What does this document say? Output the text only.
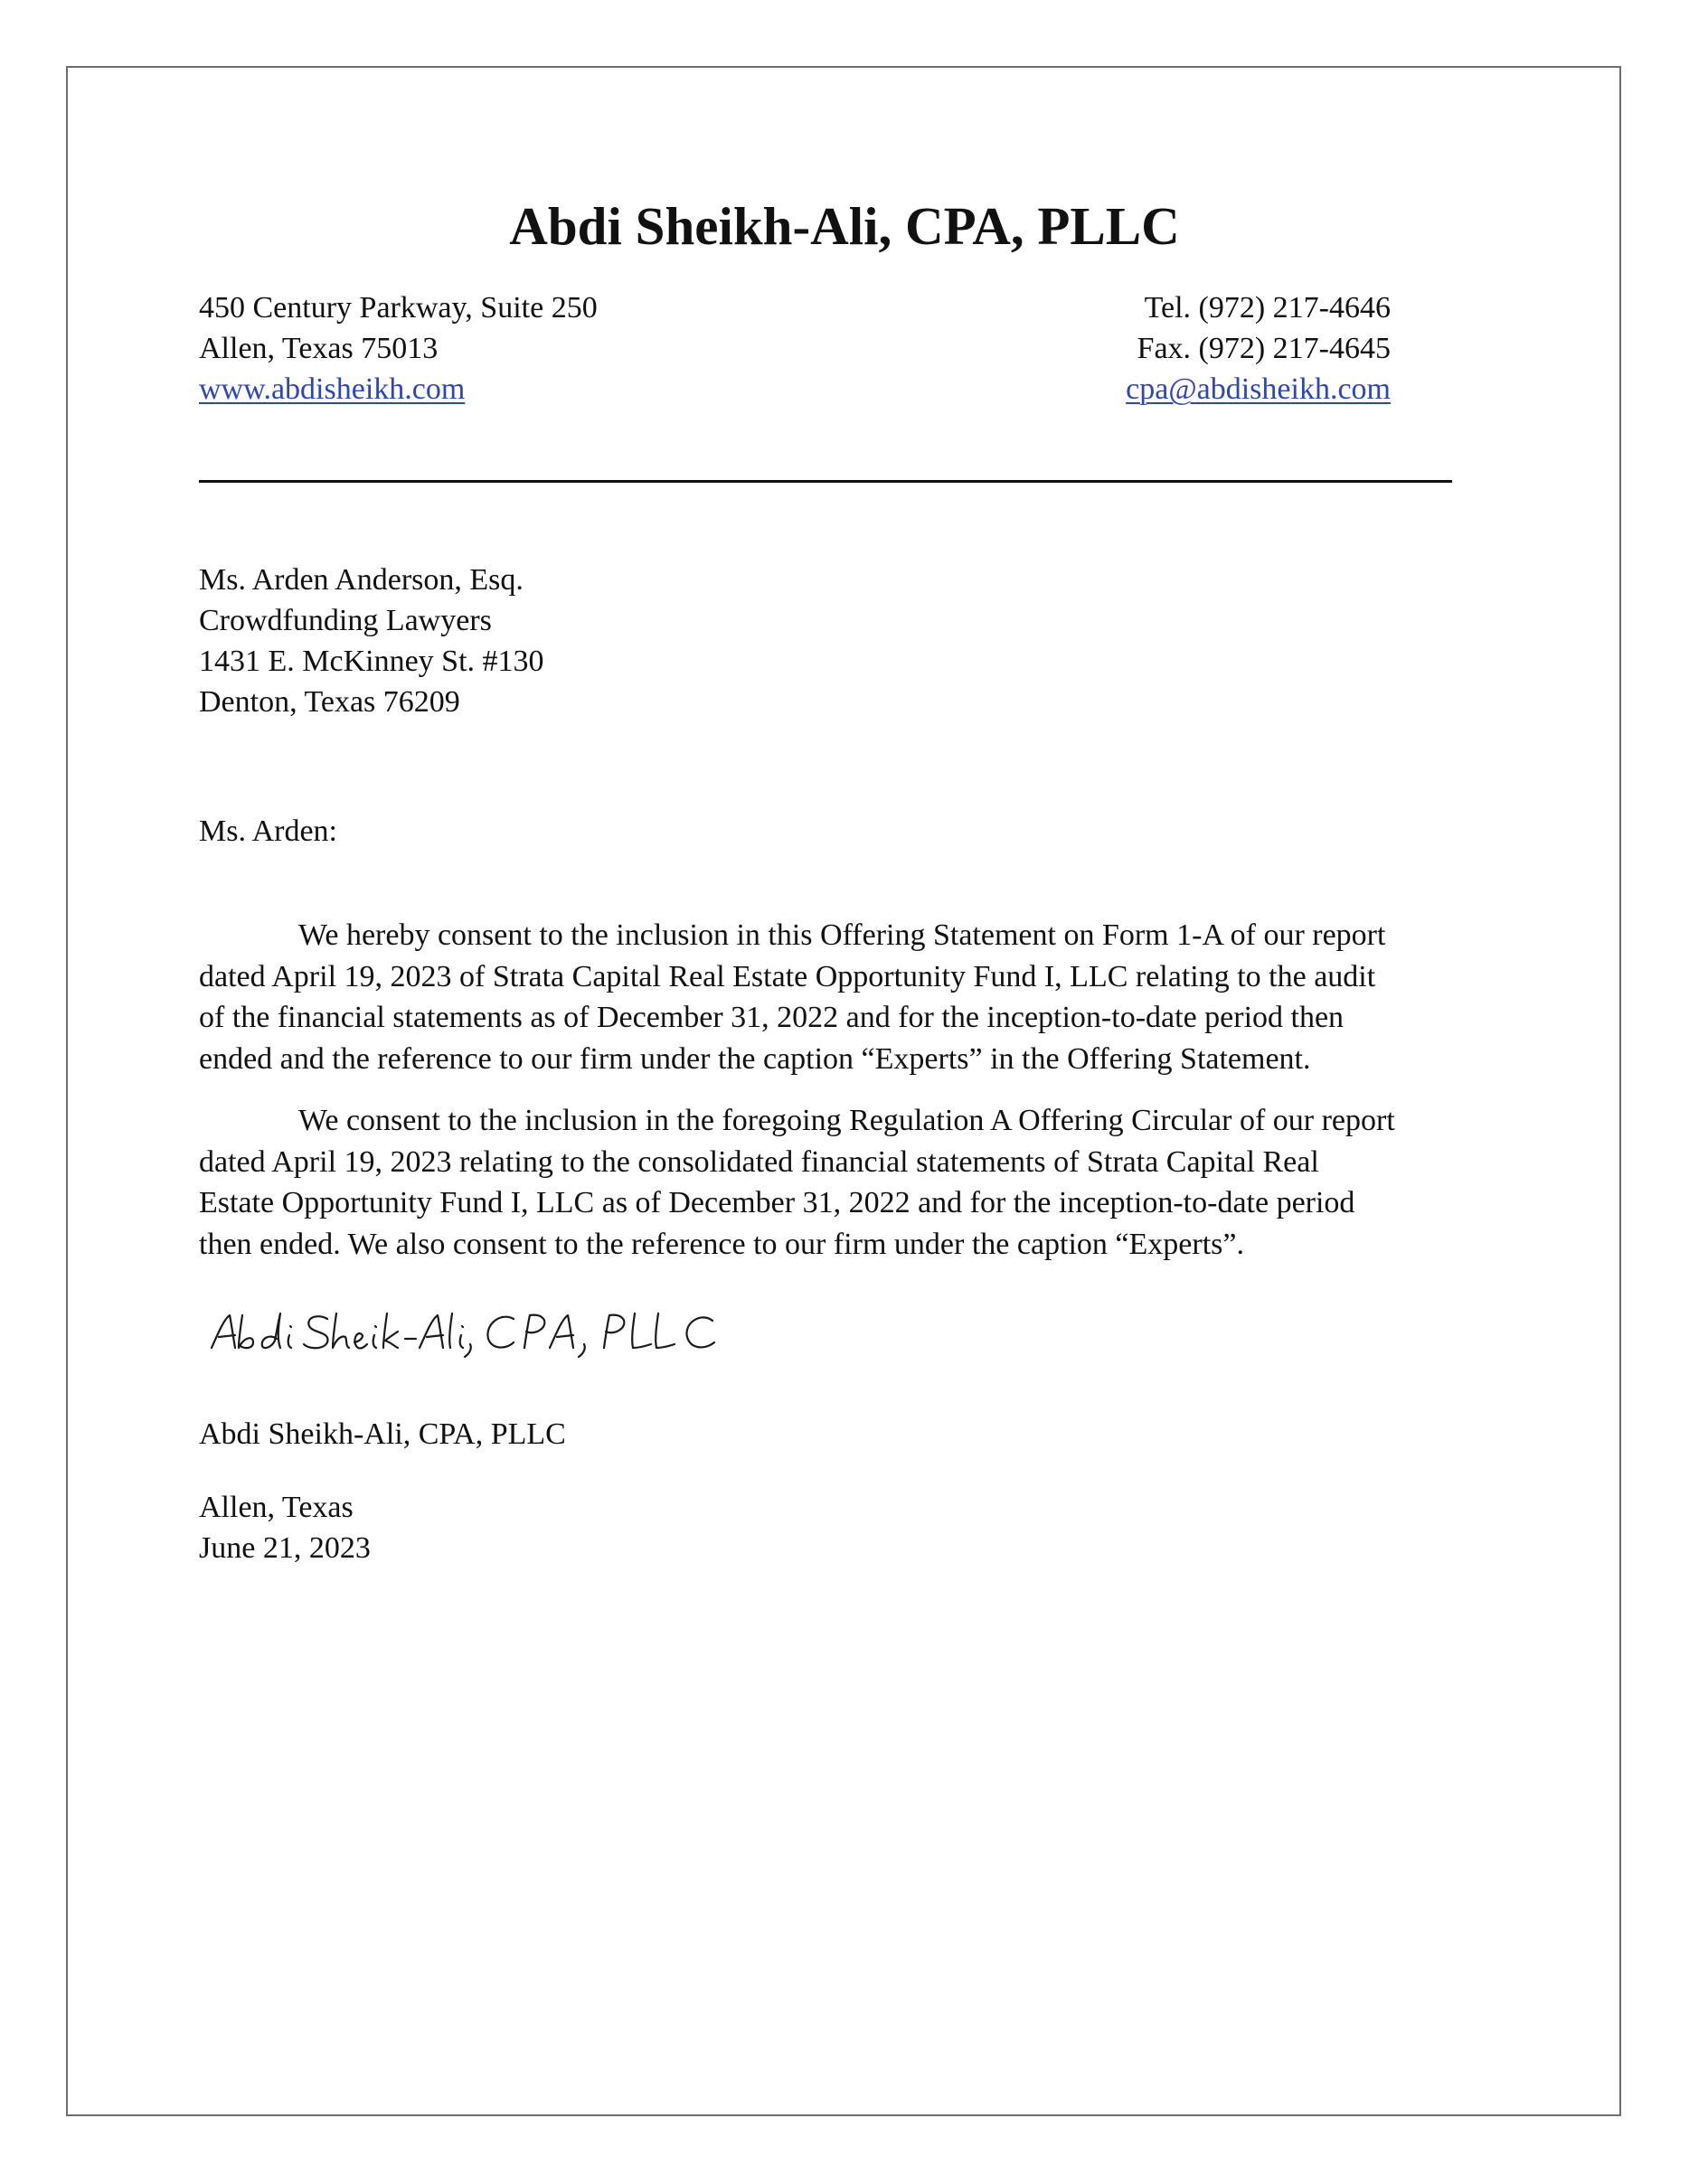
Abdi Sheikh-Ali, CPA, PLLC
450 Century Parkway, Suite 250
Allen, Texas 75013
www.abdisheikh.com
Tel. (972) 217-4646
Fax. (972) 217-4645
cpa@abdisheikh.com
Ms. Arden Anderson, Esq.
Crowdfunding Lawyers
1431 E. McKinney St. #130
Denton, Texas 76209
Ms. Arden:
We hereby consent to the inclusion in this Offering Statement on Form 1-A of our report
dated April 19, 2023 of Strata Capital Real Estate Opportunity Fund I, LLC relating to the audit
of the financial statements as of December 31, 2022 and for the inception-to-date period then
ended and the reference to our firm under the caption “Experts” in the Offering Statement.
We consent to the inclusion in the foregoing Regulation A Offering Circular of our report
dated April 19, 2023 relating to the consolidated financial statements of Strata Capital Real
Estate Opportunity Fund I, LLC as of December 31, 2022 and for the inception-to-date period
then ended. We also consent to the reference to our firm under the caption “Experts”.
Abdi Sheikh-Ali, CPA, PLLC
Allen, Texas
June 21, 2023
